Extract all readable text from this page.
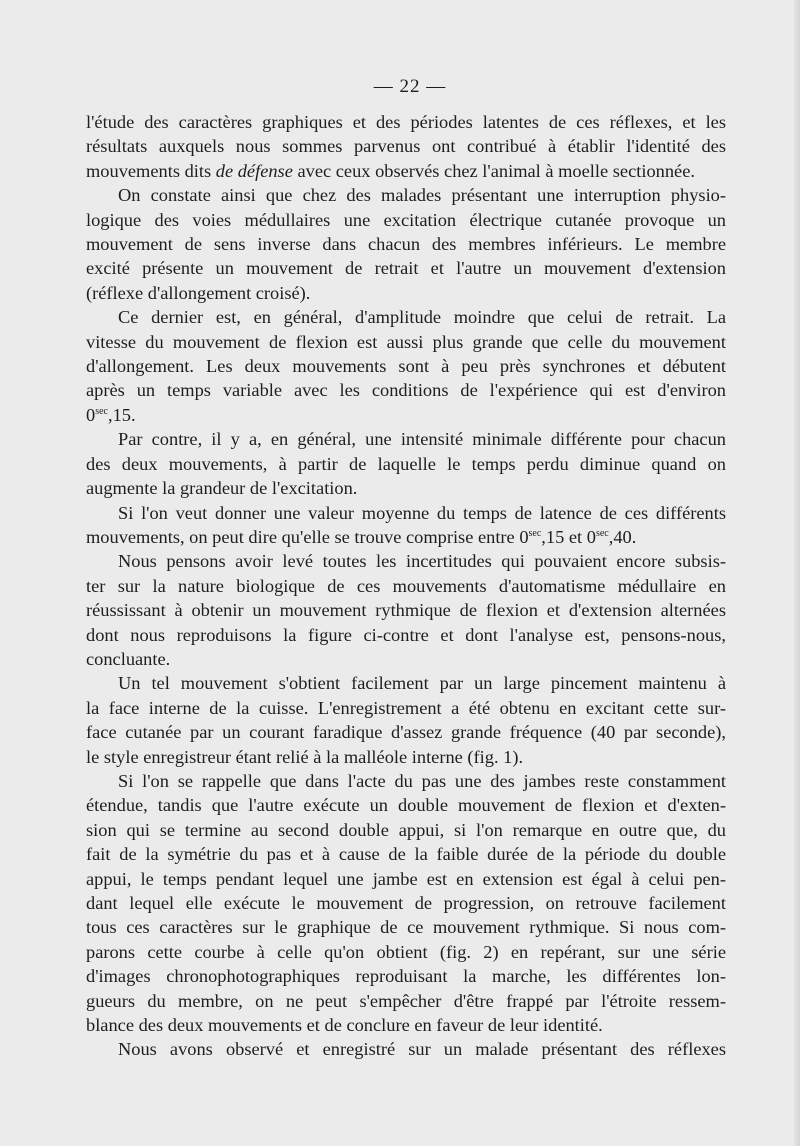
— 22 —

l'étude des caractères graphiques et des périodes latentes de ces réflexes, et les

résultats auxquels nous sommes parvenus ont contribué à établir l'identité des

mouvements dits de défense avec ceux observés chez l'animal à moelle sectionnée.

On constate ainsi que chez des malades présentant une interruption physio-

logique des voies médullaires une excitation électrique cutanée provoque un

mouvement de sens inverse dans chacun des membres inférieurs. Le membre

excité présente un mouvement de retrait et l'autre un mouvement d'extension

(réflexe d'allongement croisé).

Ce dernier est, en général, d'amplitude moindre que celui de retrait. La

vitesse du mouvement de flexion est aussi plus grande que celle du mouvement

d'allongement. Les deux mouvements sont à peu près synchrones et débutent

après un temps variable avec les conditions de l'expérience qui est d'environ

$0^{sec},15$.

Par contre, il y a, en général, une intensité minimale différente pour chacun

des deux mouvements, à partir de laquelle le temps perdu diminue quand on

augmente la grandeur de l'excitation.

Si l'on veut donner une valeur moyenne du temps de latence de ces différents

mouvements, on peut dire qu'elle se trouve comprise entre $0^{sec},15$ et $0^{sec},40$.

Nous pensons avoir levé toutes les incertitudes qui pouvaient encore subsis-

ter sur la nature biologique de ces mouvements d'automatisme médullaire en

réussissant à obtenir un mouvement rythmique de flexion et d'extension alternées

dont nous reproduisons la figure ci-contre et dont l'analyse est, pensons-nous,

concluante.

Un tel mouvement s'obtient facilement par un large pincement maintenu à

la face interne de la cuisse. L'enregistrement a été obtenu en excitant cette sur-

face cutanée par un courant faradique d'assez grande fréquence (40 par seconde),

le style enregistreur étant relié à la malléole interne (fig. 1).

Si l'on se rappelle que dans l'acte du pas une des jambes reste constamment

étendue, tandis que l'autre exécute un double mouvement de flexion et d'exten-

sion qui se termine au second double appui, si l'on remarque en outre que, du

fait de la symétrie du pas et à cause de la faible durée de la période du double

appui, le temps pendant lequel une jambe est en extension est égal à celui pen-

dant lequel elle exécute le mouvement de progression, on retrouve facilement

tous ces caractères sur le graphique de ce mouvement rythmique. Si nous com-

parons cette courbe à celle qu'on obtient (fig. 2) en repérant, sur une série

d'images chronophotographiques reproduisant la marche, les différentes lon-

gueurs du membre, on ne peut s'empêcher d'être frappé par l'étroite ressem-

blance des deux mouvements et de conclure en faveur de leur identité.

Nous avons observé et enregistré sur un malade présentant des réflexes
